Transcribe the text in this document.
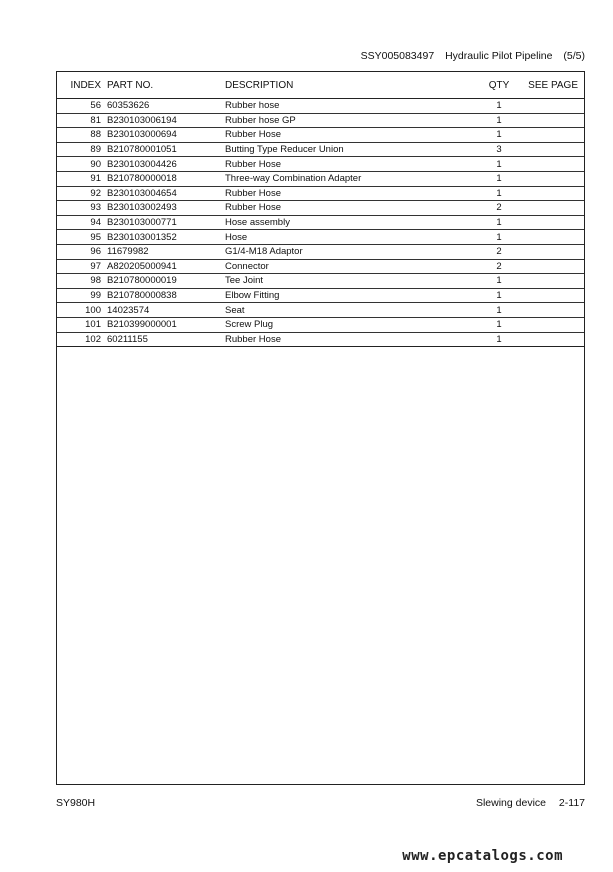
SSY005083497 Hydraulic Pilot Pipeline (5/5)
INDEX		PART NO.	DESCRIPTION	QTY	SEE PAGE
56		60353626	Rubber hose	1	
81		B230103006194	Rubber hose GP	1	
88		B230103000694	Rubber Hose	1	
89		B210780001051	Butting Type Reducer Union	3	
90		B230103004426	Rubber Hose	1	
91		B210780000018	Three-way Combination Adapter	1	
92		B230103004654	Rubber Hose	1	
93		B230103002493	Rubber Hose	2	
94		B230103000771	Hose assembly	1	
95		B230103001352	Hose	1	
96		11679982	G1/4-M18 Adaptor	2	
97		A820205000941	Connector	2	
98		B210780000019	Tee Joint	1	
99		B210780000838	Elbow Fitting	1	
100		14023574	Seat	1	
101		B210399000001	Screw Plug	1	
102		60211155	Rubber Hose	1	
SY980H	Slewing device 2-117
www.epcatalogs.com
